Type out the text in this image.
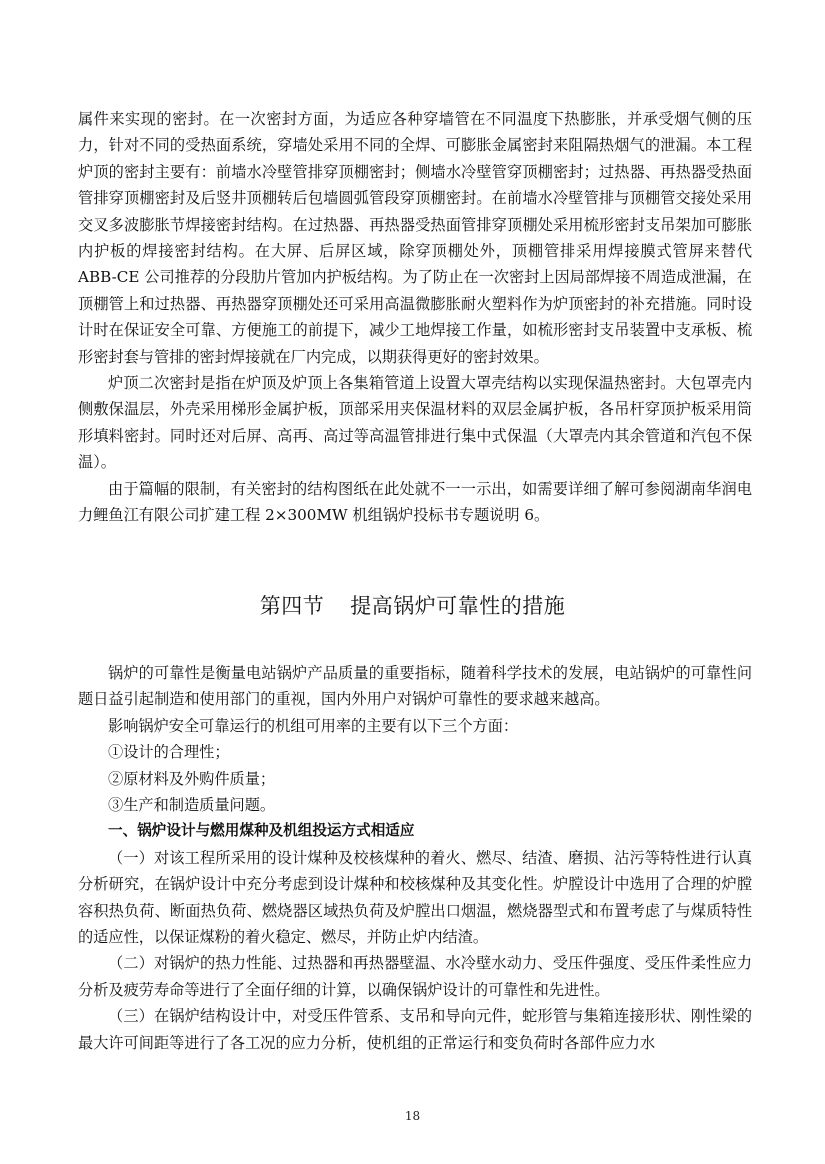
属件来实现的密封。在一次密封方面，为适应各种穿墙管在不同温度下热膨胀，并承受烟气侧的压力，针对不同的受热面系统，穿墙处采用不同的全焊、可膨胀金属密封来阻隔热烟气的泄漏。本工程炉顶的密封主要有：前墙水冷壁管排穿顶棚密封；侧墙水冷壁管穿顶棚密封；过热器、再热器受热面管排穿顶棚密封及后竖井顶棚转后包墙圆弧管段穿顶棚密封。在前墙水冷壁管排与顶棚管交接处采用交叉多波膨胀节焊接密封结构。在过热器、再热器受热面管排穿顶棚处采用梳形密封支吊架加可膨胀内护板的焊接密封结构。在大屏、后屏区域，除穿顶棚处外，顶棚管排采用焊接膜式管屏来替代 ABB-CE 公司推荐的分段肋片管加内护板结构。为了防止在一次密封上因局部焊接不周造成泄漏，在顶棚管上和过热器、再热器穿顶棚处还可采用高温微膨胀耐火塑料作为炉顶密封的补充措施。同时设计时在保证安全可靠、方便施工的前提下，减少工地焊接工作量，如梳形密封支吊装置中支承板、梳形密封套与管排的密封焊接就在厂内完成，以期获得更好的密封效果。

炉顶二次密封是指在炉顶及炉顶上各集箱管道上设置大罩壳结构以实现保温热密封。大包罩壳内侧敷保温层，外壳采用梯形金属护板，顶部采用夹保温材料的双层金属护板，各吊杆穿顶护板采用筒形填料密封。同时还对后屏、高再、高过等高温管排进行集中式保温（大罩壳内其余管道和汽包不保温）。

由于篇幅的限制，有关密封的结构图纸在此处就不一一示出，如需要详细了解可参阅湖南华润电力鲤鱼江有限公司扩建工程 2×300MW 机组锅炉投标书专题说明 6。

第四节 提高锅炉可靠性的措施

锅炉的可靠性是衡量电站锅炉产品质量的重要指标，随着科学技术的发展，电站锅炉的可靠性问题日益引起制造和使用部门的重视，国内外用户对锅炉可靠性的要求越来越高。

影响锅炉安全可靠运行的机组可用率的主要有以下三个方面：

①设计的合理性；

②原材料及外购件质量；

③生产和制造质量问题。

一、锅炉设计与燃用煤种及机组投运方式相适应

（一）对该工程所采用的设计煤种及校核煤种的着火、燃尽、结渣、磨损、沾污等特性进行认真分析研究，在锅炉设计中充分考虑到设计煤种和校核煤种及其变化性。炉膛设计中选用了合理的炉膛容积热负荷、断面热负荷、燃烧器区域热负荷及炉膛出口烟温，燃烧器型式和布置考虑了与煤质特性的适应性，以保证煤粉的着火稳定、燃尽，并防止炉内结渣。

（二）对锅炉的热力性能、过热器和再热器壁温、水冷壁水动力、受压件强度、受压件柔性应力分析及疲劳寿命等进行了全面仔细的计算，以确保锅炉设计的可靠性和先进性。

（三）在锅炉结构设计中，对受压件管系、支吊和导向元件，蛇形管与集箱连接形状、刚性梁的最大许可间距等进行了各工况的应力分析，使机组的正常运行和变负荷时各部件应力水

18
